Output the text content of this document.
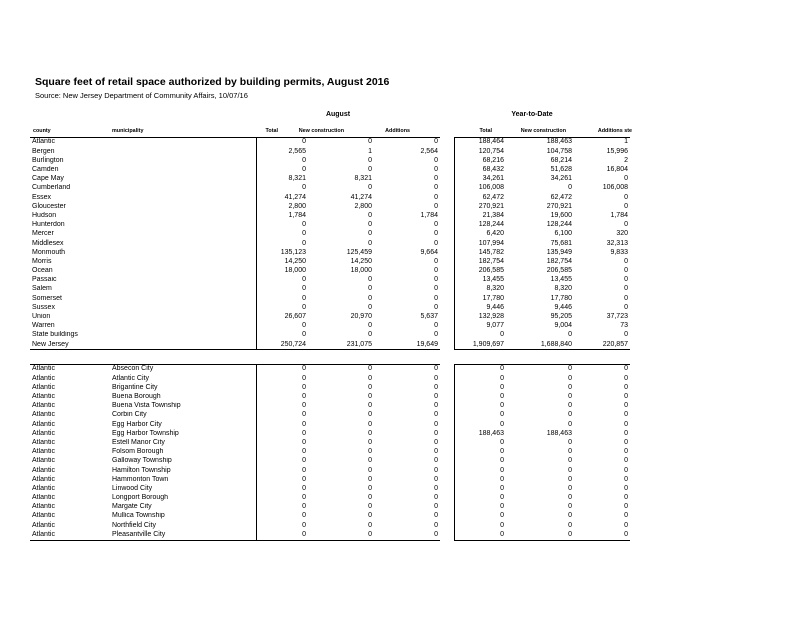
Square feet of retail space authorized by building permits, August 2016
Source: New Jersey Department of Community Affairs, 10/07/16
August	Year-to-Date
county	municipality	Total	New construction	Additions	Total	New construction	Additions ste
Atlantic		0	0	0		188,464	188,463	1
Bergen		2,565	1	2,564		120,754	104,758	15,996
Burlington		0	0	0		68,216	68,214	2
Camden		0	0	0		68,432	51,628	16,804
Cape May		8,321	8,321	0		34,261	34,261	0
Cumberland		0	0	0		106,008	0	106,008
Essex		41,274	41,274	0		62,472	62,472	0
Gloucester		2,800	2,800	0		270,921	270,921	0
Hudson		1,784	0	1,784		21,384	19,600	1,784
Hunterdon		0	0	0		128,244	128,244	0
Mercer		0	0	0		6,420	6,100	320
Middlesex		0	0	0		107,994	75,681	32,313
Monmouth		135,123	125,459	9,664		145,782	135,949	9,833
Morris		14,250	14,250	0		182,754	182,754	0
Ocean		18,000	18,000	0		206,585	206,585	0
Passaic		0	0	0		13,455	13,455	0
Salem		0	0	0		8,320	8,320	0
Somerset		0	0	0		17,780	17,780	0
Sussex		0	0	0		9,446	9,446	0
Union		26,607	20,970	5,637		132,928	95,205	37,723
Warren		0	0	0		9,077	9,004	73
State buildings		0	0	0		0	0	0
New Jersey		250,724	231,075	19,649		1,909,697	1,688,840	220,857
Atlantic	Absecon City	0	0	0		0	0	0
Atlantic	Atlantic City	0	0	0		0	0	0
Atlantic	Brigantine City	0	0	0		0	0	0
Atlantic	Buena Borough	0	0	0		0	0	0
Atlantic	Buena Vista Township	0	0	0		0	0	0
Atlantic	Corbin City	0	0	0		0	0	0
Atlantic	Egg Harbor City	0	0	0		0	0	0
Atlantic	Egg Harbor Township	0	0	0		188,463	188,463	0
Atlantic	Estell Manor City	0	0	0		0	0	0
Atlantic	Folsom Borough	0	0	0		0	0	0
Atlantic	Galloway Township	0	0	0		0	0	0
Atlantic	Hamilton Township	0	0	0		0	0	0
Atlantic	Hammonton Town	0	0	0		0	0	0
Atlantic	Linwood City	0	0	0		0	0	0
Atlantic	Longport Borough	0	0	0		0	0	0
Atlantic	Margate City	0	0	0		0	0	0
Atlantic	Mullica Township	0	0	0		0	0	0
Atlantic	Northfield City	0	0	0		0	0	0
Atlantic	Pleasantville City	0	0	0		0	0	0
